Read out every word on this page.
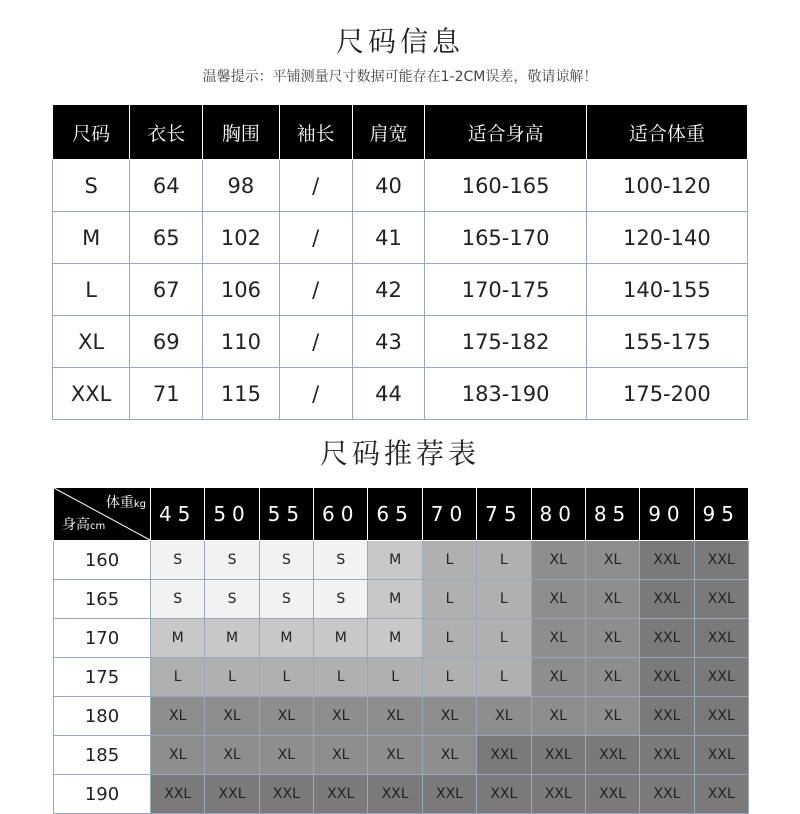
尺码信息
温馨提示：平铺测量尺寸数据可能存在1-2CM误差，敬请谅解！
尺码	衣长	胸围	袖长	肩宽	适合身高	适合体重
S	64	98	/	40	160-165	100-120
M	65	102	/	41	165-170	120-140
L	67	106	/	42	170-175	140-155
XL	69	110	/	43	175-182	155-175
XXL	71	115	/	44	183-190	175-200
尺码推荐表
体重kg
身高cm	45	50	55	60	65	70	75	80	85	90	95
160	S	S	S	S	M	L	L	XL	XL	XXL	XXL
165	S	S	S	S	M	L	L	XL	XL	XXL	XXL
170	M	M	M	M	M	L	L	XL	XL	XXL	XXL
175	L	L	L	L	L	L	L	XL	XL	XXL	XXL
180	XL	XL	XL	XL	XL	XL	XL	XL	XL	XXL	XXL
185	XL	XL	XL	XL	XL	XL	XXL	XXL	XXL	XXL	XXL
190	XXL	XXL	XXL	XXL	XXL	XXL	XXL	XXL	XXL	XXL	XXL
